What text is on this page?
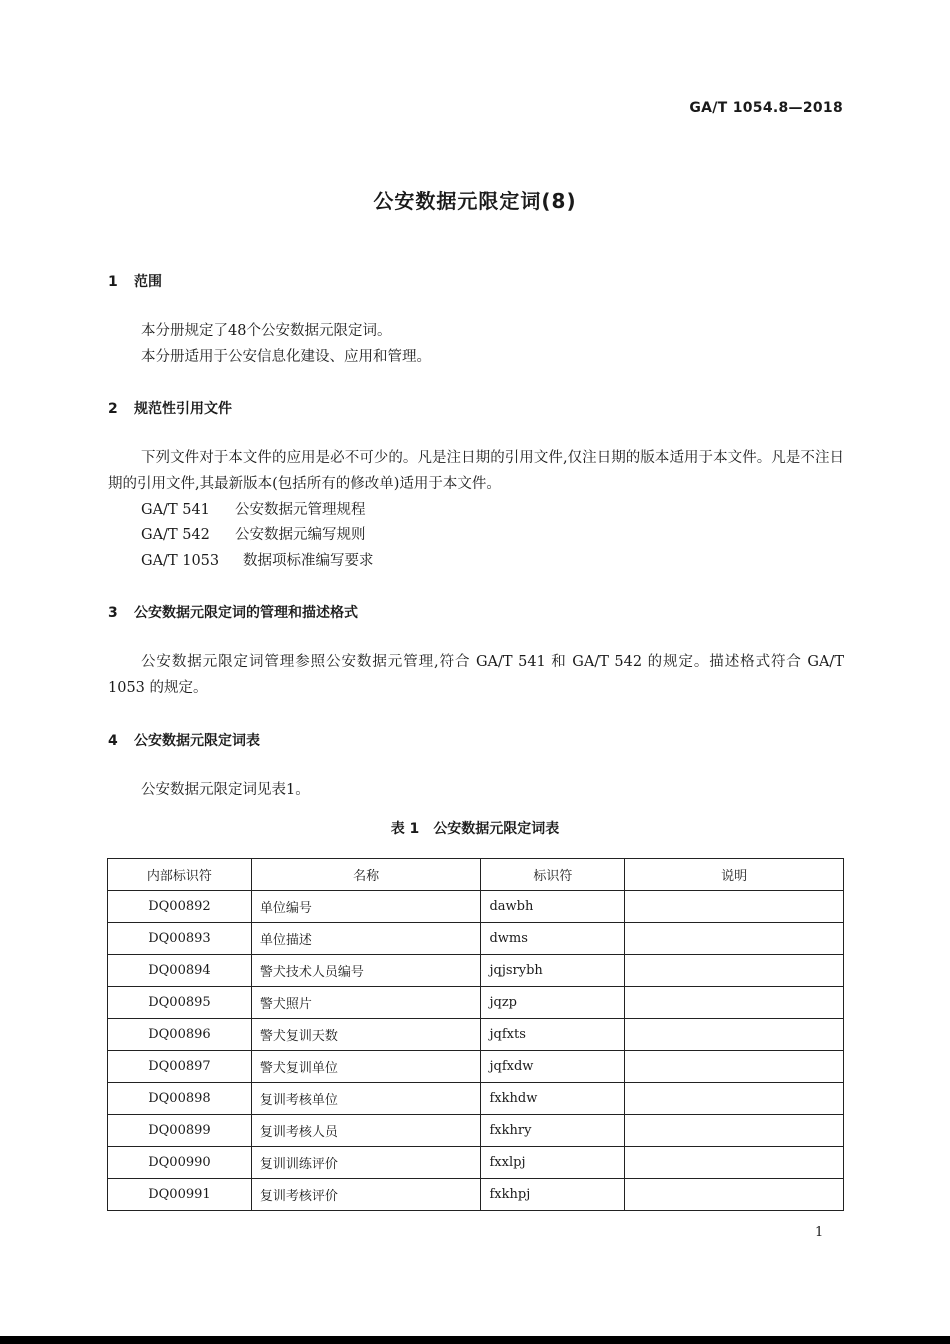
GA/T 1054.8—2018
公安数据元限定词(8)
1 范围
本分册规定了48个公安数据元限定词。
本分册适用于公安信息化建设、应用和管理。
2 规范性引用文件
下列文件对于本文件的应用是必不可少的。凡是注日期的引用文件,仅注日期的版本适用于本文件。凡是不注日期的引用文件,其最新版本(包括所有的修改单)适用于本文件。
GA/T 541 公安数据元管理规程
GA/T 542 公安数据元编写规则
GA/T 1053 数据项标准编写要求
3 公安数据元限定词的管理和描述格式
公安数据元限定词管理参照公安数据元管理,符合 GA/T 541 和 GA/T 542 的规定。描述格式符合 GA/T 1053 的规定。
4 公安数据元限定词表
公安数据元限定词见表1。
表 1 公安数据元限定词表
内部标识符	名称	标识符	说明
DQ00892	单位编号	dawbh	
DQ00893	单位描述	dwms	
DQ00894	警犬技术人员编号	jqjsrybh	
DQ00895	警犬照片	jqzp	
DQ00896	警犬复训天数	jqfxts	
DQ00897	警犬复训单位	jqfxdw	
DQ00898	复训考核单位	fxkhdw	
DQ00899	复训考核人员	fxkhry	
DQ00990	复训训练评价	fxxlpj	
DQ00991	复训考核评价	fxkhpj	
1
